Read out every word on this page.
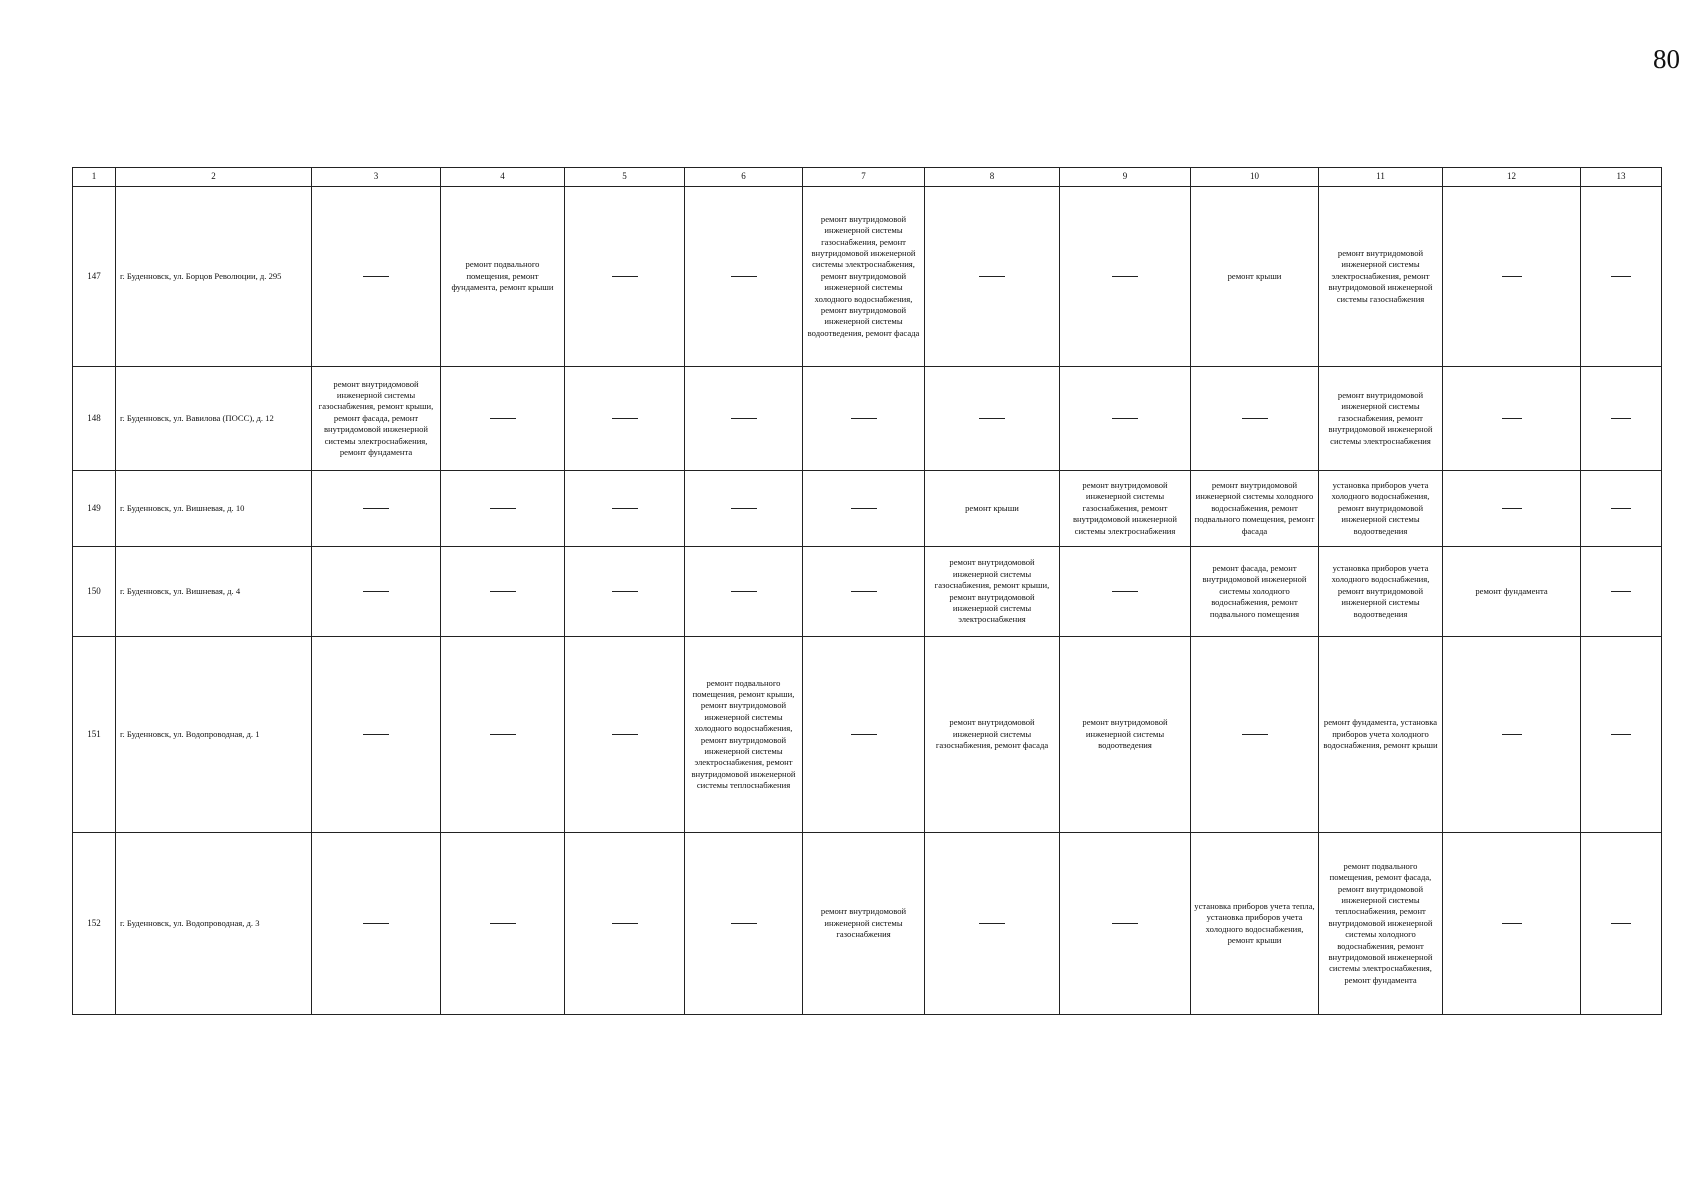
80
1	2	3	4	5	6	7	8	9	10	11	12	13
147	г. Буденновск, ул. Борцов Революции, д. 295		ремонт подвального помещения, ремонт фундамента, ремонт крыши			ремонт внутридомовой инженерной системы газоснабжения, ремонт внутридомовой инженерной системы электроснабжения, ремонт внутридомовой инженерной системы холодного водоснабжения, ремонт внутридомовой инженерной системы водоотведения, ремонт фасада			ремонт крыши	ремонт внутридомовой инженерной системы электроснабжения, ремонт внутридомовой инженерной системы газоснабжения		
148	г. Буденновск, ул. Вавилова (ПОСС), д. 12	ремонт внутридомовой инженерной системы газоснабжения, ремонт крыши, ремонт фасада, ремонт внутридомовой инженерной системы электроснабжения, ремонт фундамента								ремонт внутридомовой инженерной системы газоснабжения, ремонт внутридомовой инженерной системы электроснабжения		
149	г. Буденновск, ул. Вишневая, д. 10						ремонт крыши	ремонт внутридомовой инженерной системы газоснабжения, ремонт внутридомовой инженерной системы электроснабжения	ремонт внутридомовой инженерной системы холодного водоснабжения, ремонт подвального помещения, ремонт фасада	установка приборов учета холодного водоснабжения, ремонт внутридомовой инженерной системы водоотведения		
150	г. Буденновск, ул. Вишневая, д. 4						ремонт внутридомовой инженерной системы газоснабжения, ремонт крыши, ремонт внутридомовой инженерной системы электроснабжения		ремонт фасада, ремонт внутридомовой инженерной системы холодного водоснабжения, ремонт подвального помещения	установка приборов учета холодного водоснабжения, ремонт внутридомовой инженерной системы водоотведения	ремонт фундамента	
151	г. Буденновск, ул. Водопроводная, д. 1				ремонт подвального помещения, ремонт крыши, ремонт внутридомовой инженерной системы холодного водоснабжения, ремонт внутридомовой инженерной системы электроснабжения, ремонт внутридомовой инженерной системы теплоснабжения		ремонт внутридомовой инженерной системы газоснабжения, ремонт фасада	ремонт внутридомовой инженерной системы водоотведения		ремонт фундамента, установка приборов учета холодного водоснабжения, ремонт крыши		
152	г. Буденновск, ул. Водопроводная, д. 3					ремонт внутридомовой инженерной системы газоснабжения			установка приборов учета тепла, установка приборов учета холодного водоснабжения, ремонт крыши	ремонт подвального помещения, ремонт фасада, ремонт внутридомовой инженерной системы теплоснабжения, ремонт внутридомовой инженерной системы холодного водоснабжения, ремонт внутридомовой инженерной системы электроснабжения, ремонт фундамента		
